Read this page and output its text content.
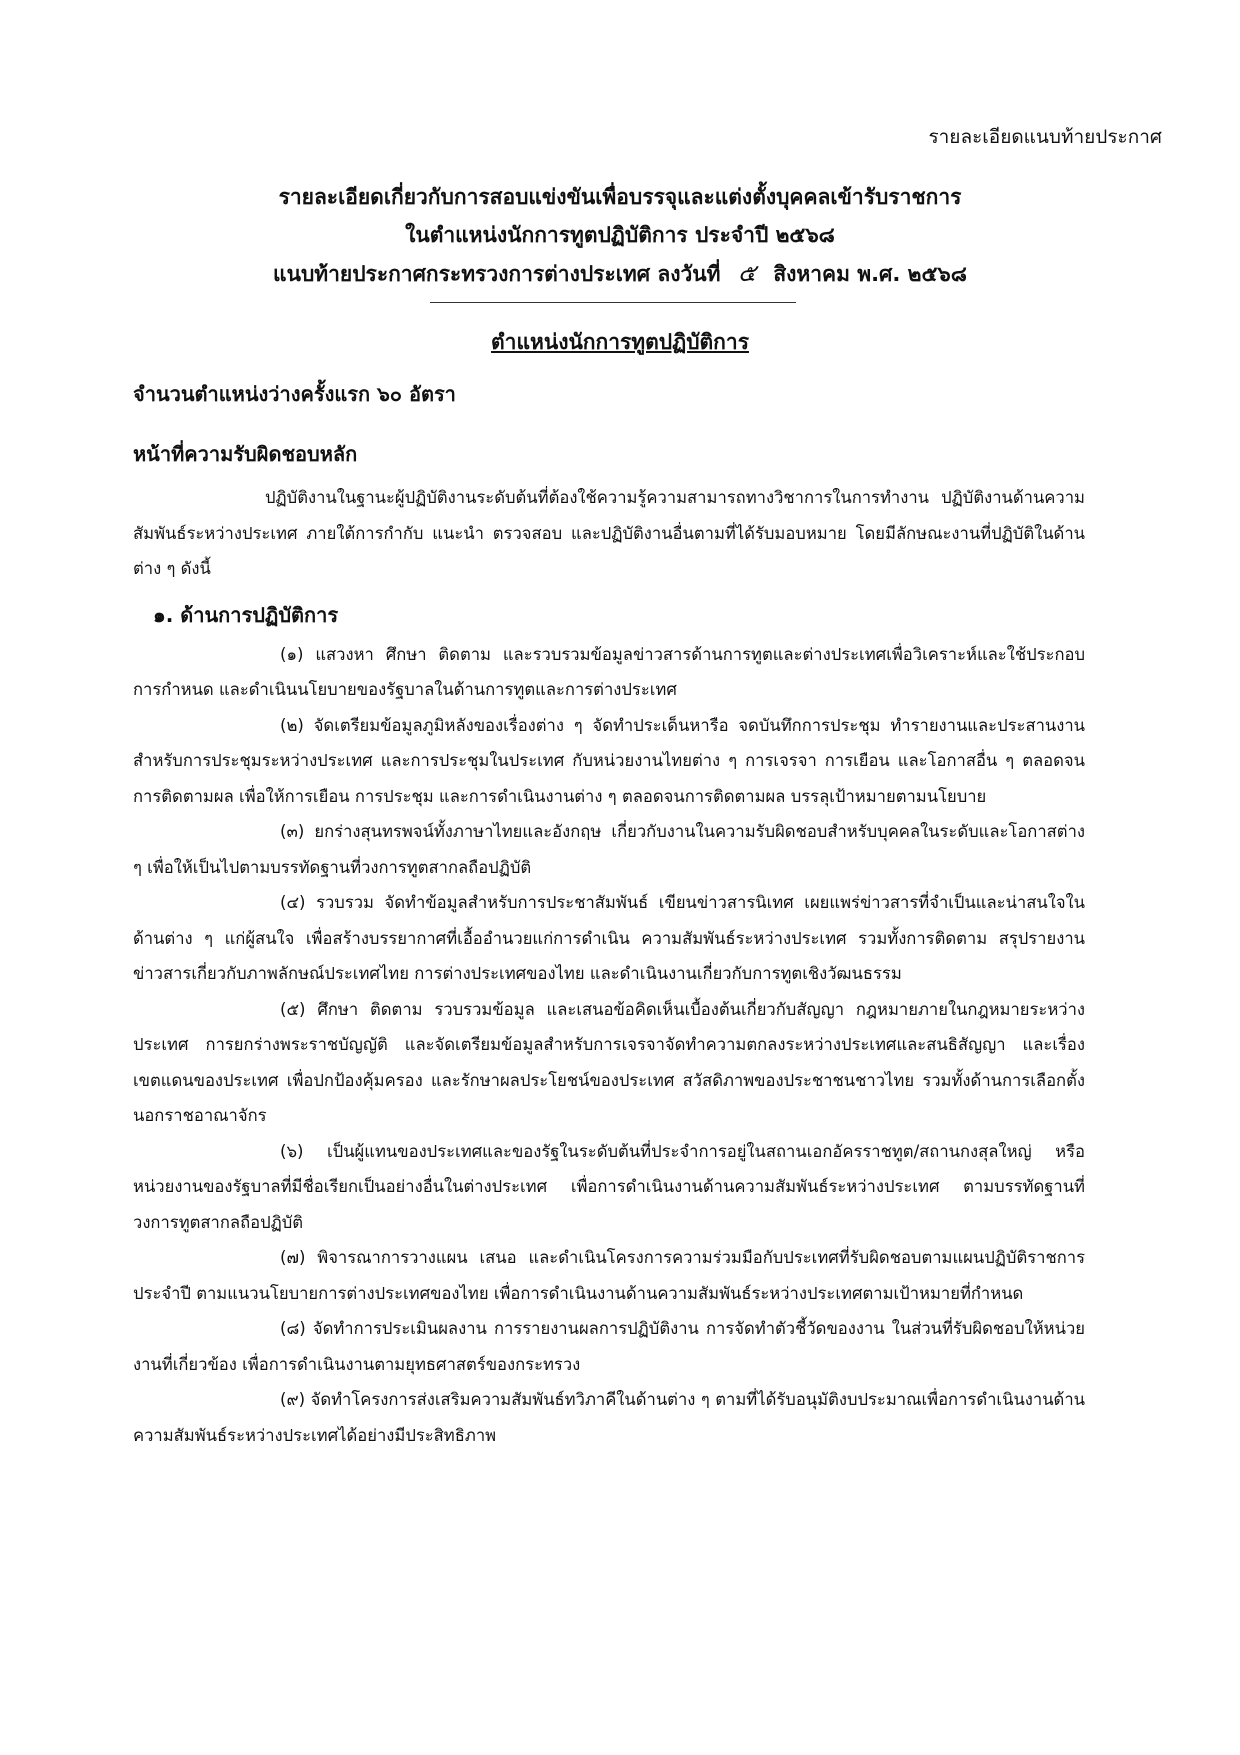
รายละเอียดแนบท้ายประกาศ
รายละเอียดเกี่ยวกับการสอบแข่งขันเพื่อบรรจุและแต่งตั้งบุคคลเข้ารับราชการ
ในตำแหน่งนักการทูตปฏิบัติการ ประจำปี ๒๕๖๘
แนบท้ายประกาศกระทรวงการต่างประเทศ ลงวันที่ ๕ สิงหาคม พ.ศ. ๒๕๖๘
ตำแหน่งนักการทูตปฏิบัติการ
จำนวนตำแหน่งว่างครั้งแรก ๖๐ อัตรา
หน้าที่ความรับผิดชอบหลัก

ปฏิบัติงานในฐานะผู้ปฏิบัติงานระดับต้นที่ต้องใช้ความรู้ความสามารถทางวิชาการในการทำงาน ปฏิบัติงานด้านความสัมพันธ์ระหว่างประเทศ ภายใต้การกำกับ แนะนำ ตรวจสอบ และปฏิบัติงานอื่นตามที่ได้รับมอบหมาย โดยมีลักษณะงานที่ปฏิบัติในด้านต่าง ๆ ดังนี้

๑. ด้านการปฏิบัติการ

(๑) แสวงหา ศึกษา ติดตาม และรวบรวมข้อมูลข่าวสารด้านการทูตและต่างประเทศเพื่อวิเคราะห์และใช้ประกอบการกำหนด และดำเนินนโยบายของรัฐบาลในด้านการทูตและการต่างประเทศ

(๒) จัดเตรียมข้อมูลภูมิหลังของเรื่องต่าง ๆ จัดทำประเด็นหารือ จดบันทึกการประชุม ทำรายงานและประสานงานสำหรับการประชุมระหว่างประเทศ และการประชุมในประเทศ กับหน่วยงานไทยต่าง ๆ การเจรจา การเยือน และโอกาสอื่น ๆ ตลอดจนการติดตามผล เพื่อให้การเยือน การประชุม และการดำเนินงานต่าง ๆ ตลอดจนการติดตามผล บรรลุเป้าหมายตามนโยบาย

(๓) ยกร่างสุนทรพจน์ทั้งภาษาไทยและอังกฤษ เกี่ยวกับงานในความรับผิดชอบสำหรับบุคคลในระดับและโอกาสต่าง ๆ เพื่อให้เป็นไปตามบรรทัดฐานที่วงการทูตสากลถือปฏิบัติ

(๔) รวบรวม จัดทำข้อมูลสำหรับการประชาสัมพันธ์ เขียนข่าวสารนิเทศ เผยแพร่ข่าวสารที่จำเป็นและน่าสนใจในด้านต่าง ๆ แก่ผู้สนใจ เพื่อสร้างบรรยากาศที่เอื้ออำนวยแก่การดำเนิน ความสัมพันธ์ระหว่างประเทศ รวมทั้งการติดตาม สรุปรายงานข่าวสารเกี่ยวกับภาพลักษณ์ประเทศไทย การต่างประเทศของไทย และดำเนินงานเกี่ยวกับการทูตเชิงวัฒนธรรม

(๕) ศึกษา ติดตาม รวบรวมข้อมูล และเสนอข้อคิดเห็นเบื้องต้นเกี่ยวกับสัญญา กฎหมายภายในกฎหมายระหว่างประเทศ การยกร่างพระราชบัญญัติ และจัดเตรียมข้อมูลสำหรับการเจรจาจัดทำความตกลงระหว่างประเทศและสนธิสัญญา และเรื่องเขตแดนของประเทศ เพื่อปกป้องคุ้มครอง และรักษาผลประโยชน์ของประเทศ สวัสดิภาพของประชาชนชาวไทย รวมทั้งด้านการเลือกตั้งนอกราชอาณาจักร

(๖) เป็นผู้แทนของประเทศและของรัฐในระดับต้นที่ประจำการอยู่ในสถานเอกอัครราชทูต/สถานกงสุลใหญ่ หรือหน่วยงานของรัฐบาลที่มีชื่อเรียกเป็นอย่างอื่นในต่างประเทศ เพื่อการดำเนินงานด้านความสัมพันธ์ระหว่างประเทศ ตามบรรทัดฐานที่วงการทูตสากลถือปฏิบัติ

(๗) พิจารณาการวางแผน เสนอ และดำเนินโครงการความร่วมมือกับประเทศที่รับผิดชอบตามแผนปฏิบัติราชการประจำปี ตามแนวนโยบายการต่างประเทศของไทย เพื่อการดำเนินงานด้านความสัมพันธ์ระหว่างประเทศตามเป้าหมายที่กำหนด

(๘) จัดทำการประเมินผลงาน การรายงานผลการปฏิบัติงาน การจัดทำตัวชี้วัดของงาน ในส่วนที่รับผิดชอบให้หน่วยงานที่เกี่ยวข้อง เพื่อการดำเนินงานตามยุทธศาสตร์ของกระทรวง

(๙) จัดทำโครงการส่งเสริมความสัมพันธ์ทวิภาคีในด้านต่าง ๆ ตามที่ได้รับอนุมัติงบประมาณเพื่อการดำเนินงานด้านความสัมพันธ์ระหว่างประเทศได้อย่างมีประสิทธิภาพ
